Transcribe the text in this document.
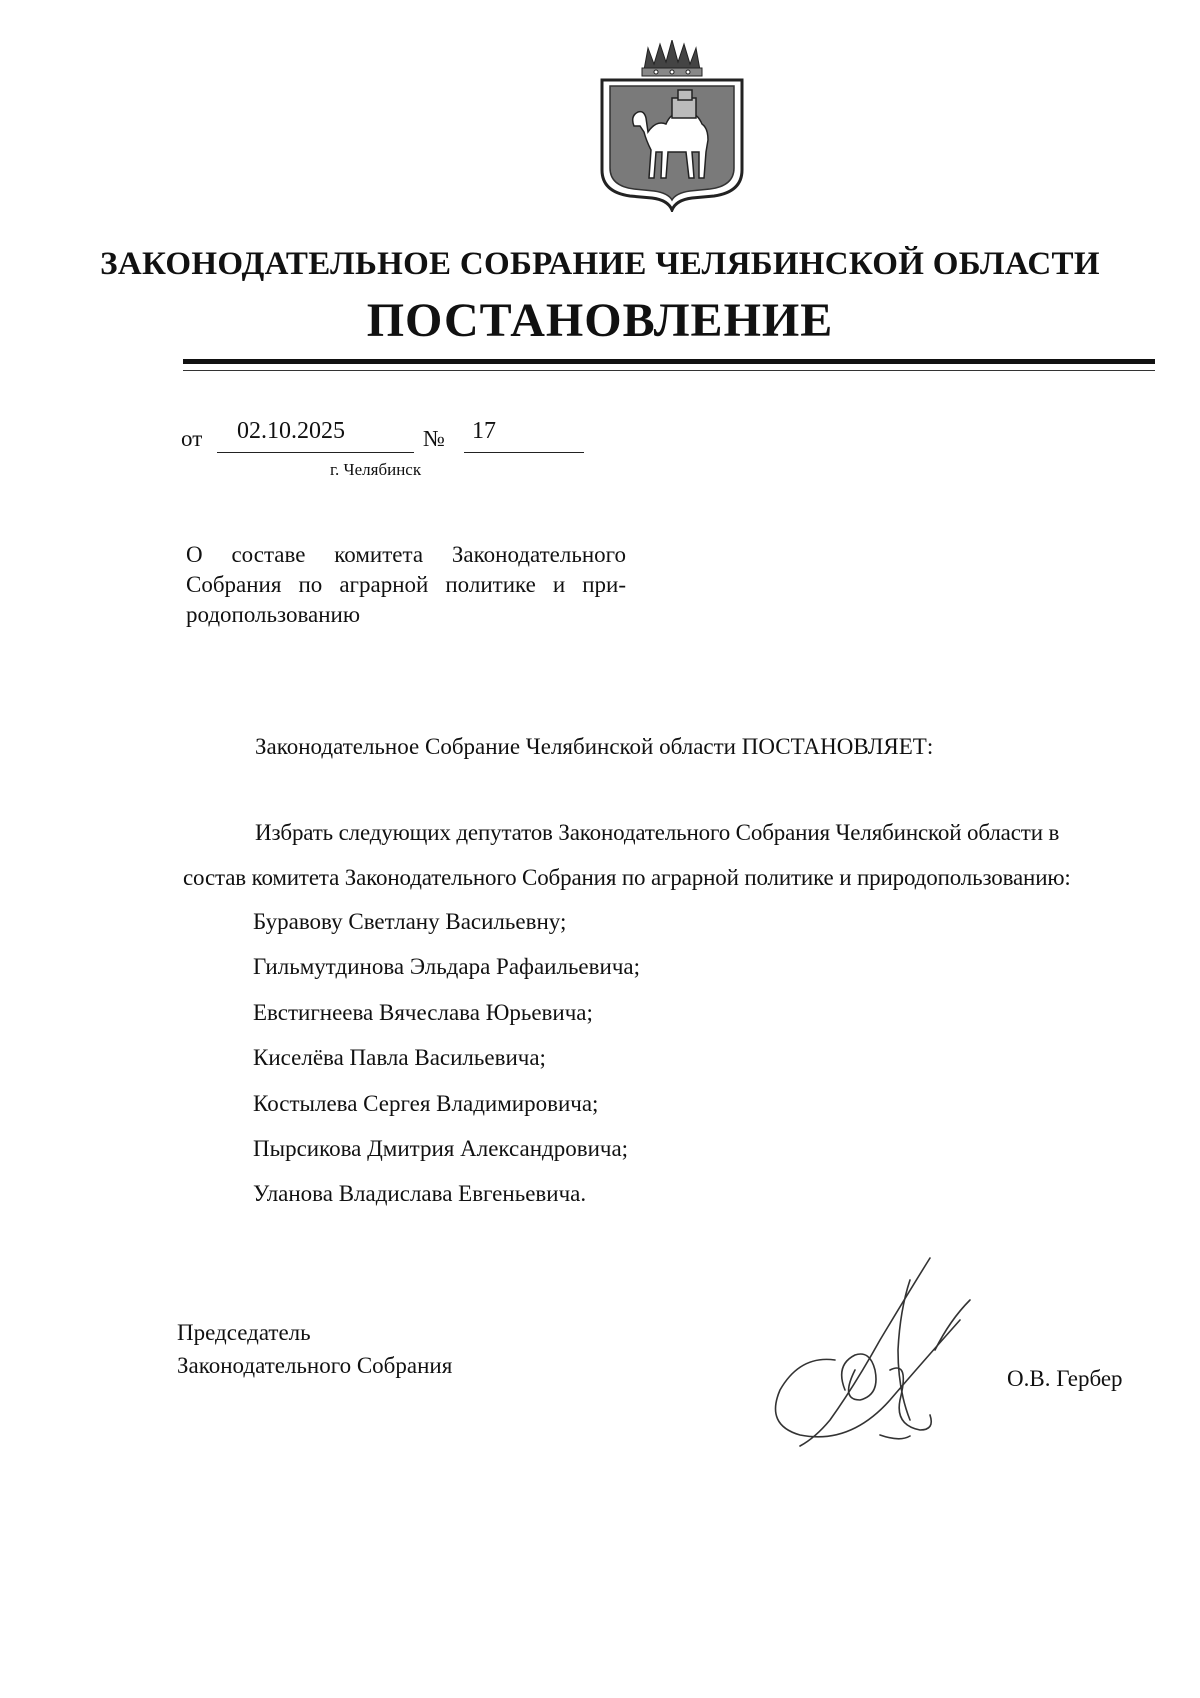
ЗАКОНОДАТЕЛЬНОЕ СОБРАНИЕ ЧЕЛЯБИНСКОЙ ОБЛАСТИ
ПОСТАНОВЛЕНИЕ
от 02.10.2025	№ 17
г. Челябинск
О составе комитета Законодательного
Собрания по аграрной политике и при-
родопользованию
Законодательное Собрание Челябинской области ПОСТАНОВЛЯЕТ:
Избрать следующих депутатов Законодательного Собрания Челябинской области в
состав комитета Законодательного Собрания по аграрной политике и природопользованию:
Буравову Светлану Васильевну;
Гильмутдинова Эльдара Рафаильевича;
Евстигнеева Вячеслава Юрьевича;
Киселёва Павла Васильевича;
Костылева Сергея Владимировича;
Пырсикова Дмитрия Александровича;
Уланова Владислава Евгеньевича.
Председатель
Законодательного Собрания
О.В. Гербер
